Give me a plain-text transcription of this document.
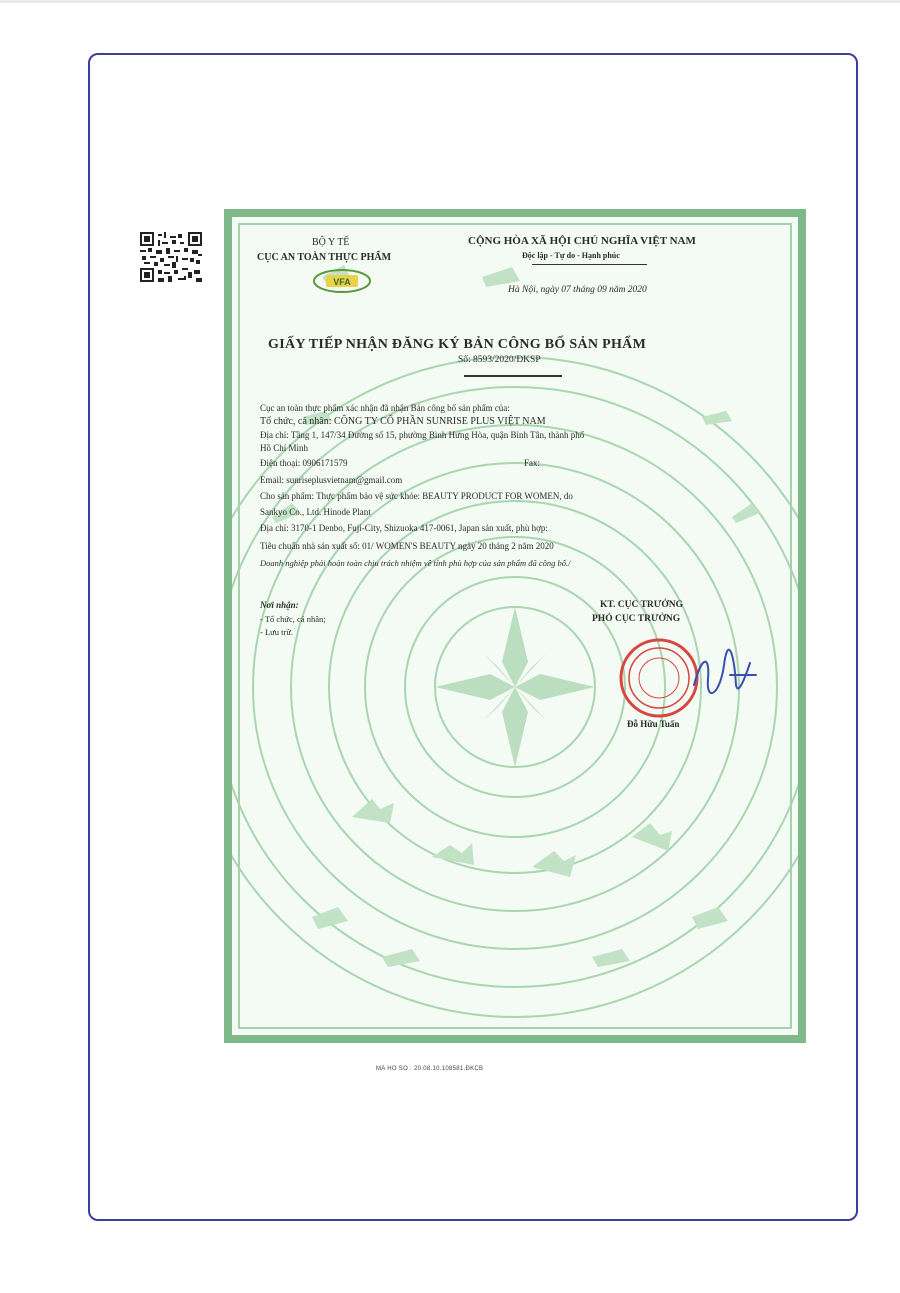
BỘ Y TẾ
CỤC AN TOÀN THỰC PHẨM
VFA
CỘNG HÒA XÃ HỘI CHỦ NGHĨA VIỆT NAM
Độc lập - Tự do - Hạnh phúc
Hà Nội, ngày 07 tháng 09 năm 2020
GIẤY TIẾP NHẬN ĐĂNG KÝ BẢN CÔNG BỐ SẢN PHẨM
Số: 8593/2020/ĐKSP
Cục an toàn thực phẩm xác nhận đã nhận Bản công bố sản phẩm của:
Tổ chức, cá nhân: CÔNG TY CỔ PHẦN SUNRISE PLUS VIỆT NAM
Địa chỉ: Tầng 1, 147/34 Đường số 15, phường Bình Hưng Hòa, quận Bình Tân, thành phố
Hồ Chí Minh
Điện thoại: 0906171579	Fax:
Email: sunriseplusvietnam@gmail.com
Cho sản phẩm: Thực phẩm bảo vệ sức khỏe: BEAUTY PRODUCT FOR WOMEN, do
Sankyo Co., Ltd. Hinode Plant
Địa chỉ: 3170-1 Denbo, Fuji-City, Shizuoka 417-0061, Japan sản xuất, phù hợp:
Tiêu chuẩn nhà sản xuất số: 01/ WOMEN'S BEAUTY ngày 20 tháng 2 năm 2020
Doanh nghiệp phải hoàn toàn chịu trách nhiệm về tính phù hợp của sản phẩm đã công bố./
Nơi nhận:
- Tổ chức, cá nhân;
- Lưu trữ.
KT. CỤC TRƯỞNG
PHÓ CỤC TRƯỞNG
Đỗ Hữu Tuấn
MA HO SO : 20.08.10.108581.ĐKCB
